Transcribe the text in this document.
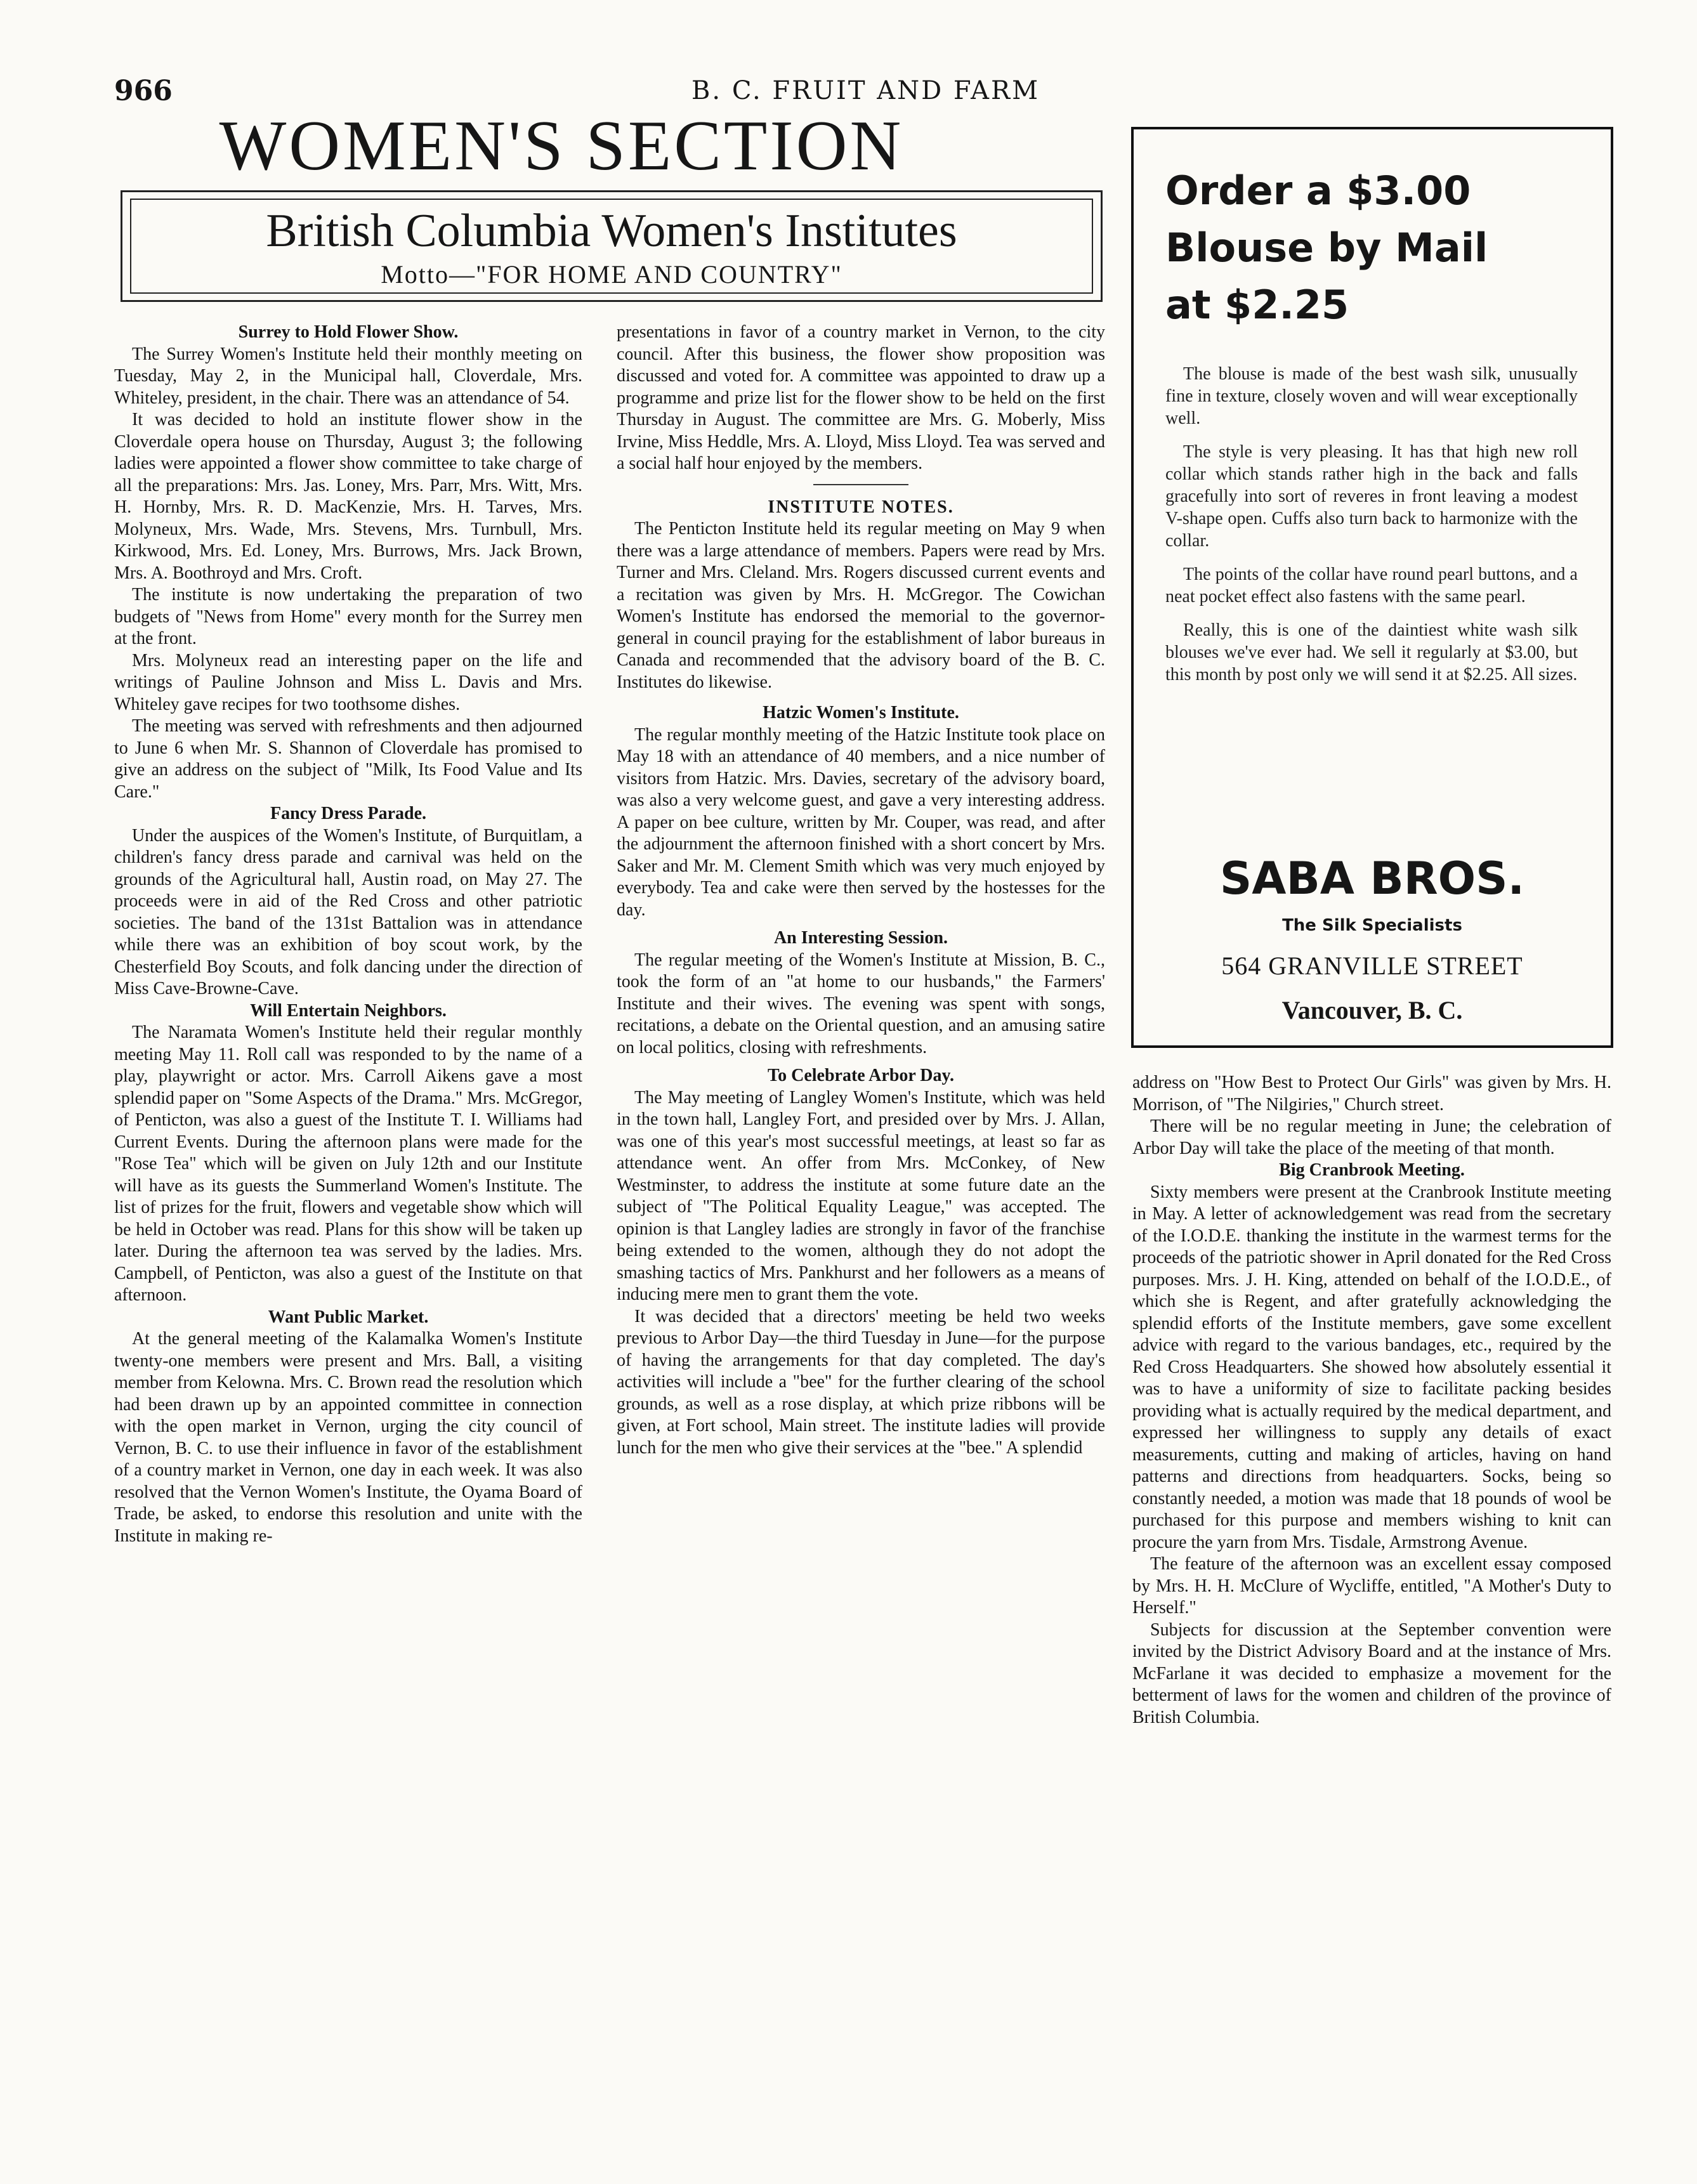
966	B. C. FRUIT AND FARM
WOMEN'S SECTION
British Columbia Women's Institutes
Motto—"FOR HOME AND COUNTRY"
Surrey to Hold Flower Show.

The Surrey Women's Institute held their monthly meeting on Tuesday, May 2, in the Municipal hall, Cloverdale, Mrs. Whiteley, president, in the chair. There was an attendance of 54.

It was decided to hold an institute flower show in the Cloverdale opera house on Thursday, August 3; the following ladies were appointed a flower show committee to take charge of all the preparations: Mrs. Jas. Loney, Mrs. Parr, Mrs. Witt, Mrs. H. Hornby, Mrs. R. D. MacKenzie, Mrs. H. Tarves, Mrs. Molyneux, Mrs. Wade, Mrs. Stevens, Mrs. Turnbull, Mrs. Kirkwood, Mrs. Ed. Loney, Mrs. Burrows, Mrs. Jack Brown, Mrs. A. Boothroyd and Mrs. Croft.

The institute is now undertaking the preparation of two budgets of "News from Home" every month for the Surrey men at the front.

Mrs. Molyneux read an interesting paper on the life and writings of Pauline Johnson and Miss L. Davis and Mrs. Whiteley gave recipes for two toothsome dishes.

The meeting was served with refreshments and then adjourned to June 6 when Mr. S. Shannon of Cloverdale has promised to give an address on the subject of "Milk, Its Food Value and Its Care."

Fancy Dress Parade.

Under the auspices of the Women's Institute, of Burquitlam, a children's fancy dress parade and carnival was held on the grounds of the Agricultural hall, Austin road, on May 27. The proceeds were in aid of the Red Cross and other patriotic societies. The band of the 131st Battalion was in attendance while there was an exhibition of boy scout work, by the Chesterfield Boy Scouts, and folk dancing under the direction of Miss Cave-Browne-Cave.

Will Entertain Neighbors.

The Naramata Women's Institute held their regular monthly meeting May 11. Roll call was responded to by the name of a play, playwright or actor. Mrs. Carroll Aikens gave a most splendid paper on "Some Aspects of the Drama." Mrs. McGregor, of Penticton, was also a guest of the Institute T. I. Williams had Current Events. During the afternoon plans were made for the "Rose Tea" which will be given on July 12th and our Institute will have as its guests the Summerland Women's Institute. The list of prizes for the fruit, flowers and vegetable show which will be held in October was read. Plans for this show will be taken up later. During the afternoon tea was served by the ladies. Mrs. Campbell, of Penticton, was also a guest of the Institute on that afternoon.

Want Public Market.

At the general meeting of the Kalamalka Women's Institute twenty-one members were present and Mrs. Ball, a visiting member from Kelowna. Mrs. C. Brown read the resolution which had been drawn up by an appointed committee in connection with the open market in Vernon, urging the city council of Vernon, B. C. to use their influence in favor of the establishment of a country market in Vernon, one day in each week. It was also resolved that the Vernon Women's Institute, the Oyama Board of Trade, be asked, to endorse this resolution and unite with the Institute in making re-

presentations in favor of a country market in Vernon, to the city council. After this business, the flower show proposition was discussed and voted for. A committee was appointed to draw up a programme and prize list for the flower show to be held on the first Thursday in August. The committee are Mrs. G. Moberly, Miss Irvine, Miss Heddle, Mrs. A. Lloyd, Miss Lloyd. Tea was served and a social half hour enjoyed by the members.

INSTITUTE NOTES.

The Penticton Institute held its regular meeting on May 9 when there was a large attendance of members. Papers were read by Mrs. Turner and Mrs. Cleland. Mrs. Rogers discussed current events and a recitation was given by Mrs. H. McGregor. The Cowichan Women's Institute has endorsed the memorial to the governor-general in council praying for the establishment of labor bureaus in Canada and recommended that the advisory board of the B. C. Institutes do likewise.

Hatzic Women's Institute.

The regular monthly meeting of the Hatzic Institute took place on May 18 with an attendance of 40 members, and a nice number of visitors from Hatzic. Mrs. Davies, secretary of the advisory board, was also a very welcome guest, and gave a very interesting address. A paper on bee culture, written by Mr. Couper, was read, and after the adjournment the afternoon finished with a short concert by Mrs. Saker and Mr. M. Clement Smith which was very much enjoyed by everybody. Tea and cake were then served by the hostesses for the day.

An Interesting Session.

The regular meeting of the Women's Institute at Mission, B. C., took the form of an "at home to our husbands," the Farmers' Institute and their wives. The evening was spent with songs, recitations, a debate on the Oriental question, and an amusing satire on local politics, closing with refreshments.

To Celebrate Arbor Day.

The May meeting of Langley Women's Institute, which was held in the town hall, Langley Fort, and presided over by Mrs. J. Allan, was one of this year's most successful meetings, at least so far as attendance went. An offer from Mrs. McConkey, of New Westminster, to address the institute at some future date an the subject of "The Political Equality League," was accepted. The opinion is that Langley ladies are strongly in favor of the franchise being extended to the women, although they do not adopt the smashing tactics of Mrs. Pankhurst and her followers as a means of inducing mere men to grant them the vote.

It was decided that a directors' meeting be held two weeks previous to Arbor Day—the third Tuesday in June—for the purpose of having the arrangements for that day completed. The day's activities will include a "bee" for the further clearing of the school grounds, as well as a rose display, at which prize ribbons will be given, at Fort school, Main street. The institute ladies will provide lunch for the men who give their services at the "bee." A splendid

Order a $3.00
Blouse by Mail
at $2.25

The blouse is made of the best wash silk, unusually fine in texture, closely woven and will wear exceptionally well.

The style is very pleasing. It has that high new roll collar which stands rather high in the back and falls gracefully into sort of reveres in front leaving a modest V-shape open. Cuffs also turn back to harmonize with the collar.

The points of the collar have round pearl buttons, and a neat pocket effect also fastens with the same pearl.

Really, this is one of the daintiest white wash silk blouses we've ever had. We sell it regularly at $3.00, but this month by post only we will send it at $2.25. All sizes.

SABA BROS.
The Silk Specialists
564 GRANVILLE STREET
Vancouver, B. C.

address on "How Best to Protect Our Girls" was given by Mrs. H. Morrison, of "The Nilgiries," Church street.

There will be no regular meeting in June; the celebration of Arbor Day will take the place of the meeting of that month.

Big Cranbrook Meeting.

Sixty members were present at the Cranbrook Institute meeting in May. A letter of acknowledgement was read from the secretary of the I.O.D.E. thanking the institute in the warmest terms for the proceeds of the patriotic shower in April donated for the Red Cross purposes. Mrs. J. H. King, attended on behalf of the I.O.D.E., of which she is Regent, and after gratefully acknowledging the splendid efforts of the Institute members, gave some excellent advice with regard to the various bandages, etc., required by the Red Cross Headquarters. She showed how absolutely essential it was to have a uniformity of size to facilitate packing besides providing what is actually required by the medical department, and expressed her willingness to supply any details of exact measurements, cutting and making of articles, having on hand patterns and directions from headquarters. Socks, being so constantly needed, a motion was made that 18 pounds of wool be purchased for this purpose and members wishing to knit can procure the yarn from Mrs. Tisdale, Armstrong Avenue.

The feature of the afternoon was an excellent essay composed by Mrs. H. H. McClure of Wycliffe, entitled, "A Mother's Duty to Herself."

Subjects for discussion at the September convention were invited by the District Advisory Board and at the instance of Mrs. McFarlane it was decided to emphasize a movement for the betterment of laws for the women and children of the province of British Columbia.
